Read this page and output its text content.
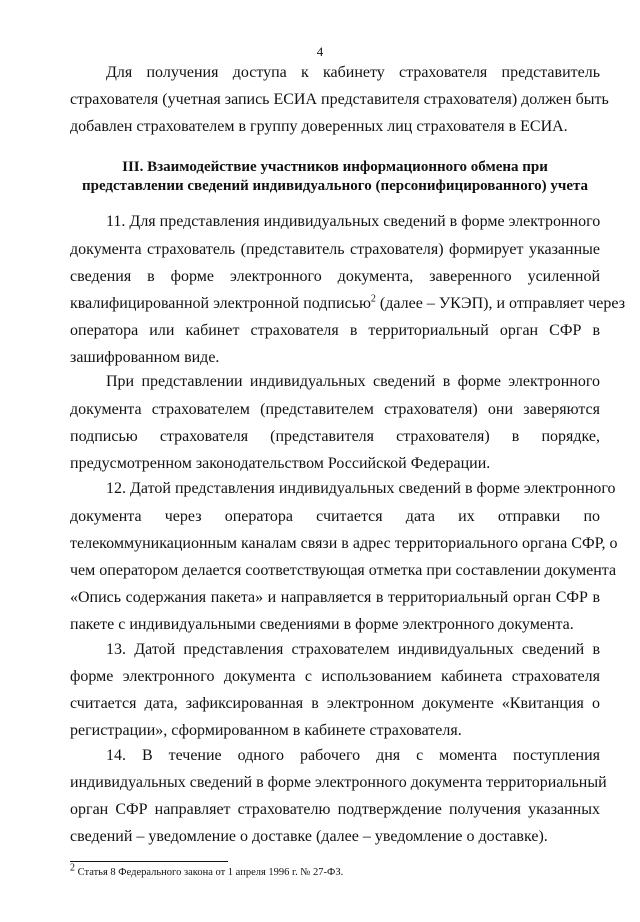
4
Для получения доступа к кабинету страхователя представитель
страхователя (учетная запись ЕСИА представителя страхователя) должен быть
добавлен страхователем в группу доверенных лиц страхователя в ЕСИА.
III. Взаимодействие участников информационного обмена при
представлении сведений индивидуального (персонифицированного) учета
11. Для представления индивидуальных сведений в форме электронного
документа страхователь (представитель страхователя) формирует указанные
сведения в форме электронного документа, заверенного усиленной
квалифицированной электронной подписью$^2$ (далее – УКЭП), и отправляет через
оператора или кабинет страхователя в территориальный орган СФР в
зашифрованном виде.
При представлении индивидуальных сведений в форме электронного
документа страхователем (представителем страхователя) они заверяются
подписью страхователя (представителя страхователя) в порядке,
предусмотренном законодательством Российской Федерации.
12. Датой представления индивидуальных сведений в форме электронного
документа через оператора считается дата их отправки по
телекоммуникационным каналам связи в адрес территориального органа СФР, о
чем оператором делается соответствующая отметка при составлении документа
«Опись содержания пакета» и направляется в территориальный орган СФР в
пакете с индивидуальными сведениями в форме электронного документа.
13. Датой представления страхователем индивидуальных сведений в
форме электронного документа с использованием кабинета страхователя
считается дата, зафиксированная в электронном документе «Квитанция о
регистрации», сформированном в кабинете страхователя.
14. В течение одного рабочего дня с момента поступления
индивидуальных сведений в форме электронного документа территориальный
орган СФР направляет страхователю подтверждение получения указанных
сведений – уведомление о доставке (далее – уведомление о доставке).
$^2$ Статья 8 Федерального закона от 1 апреля 1996 г. № 27-ФЗ.
